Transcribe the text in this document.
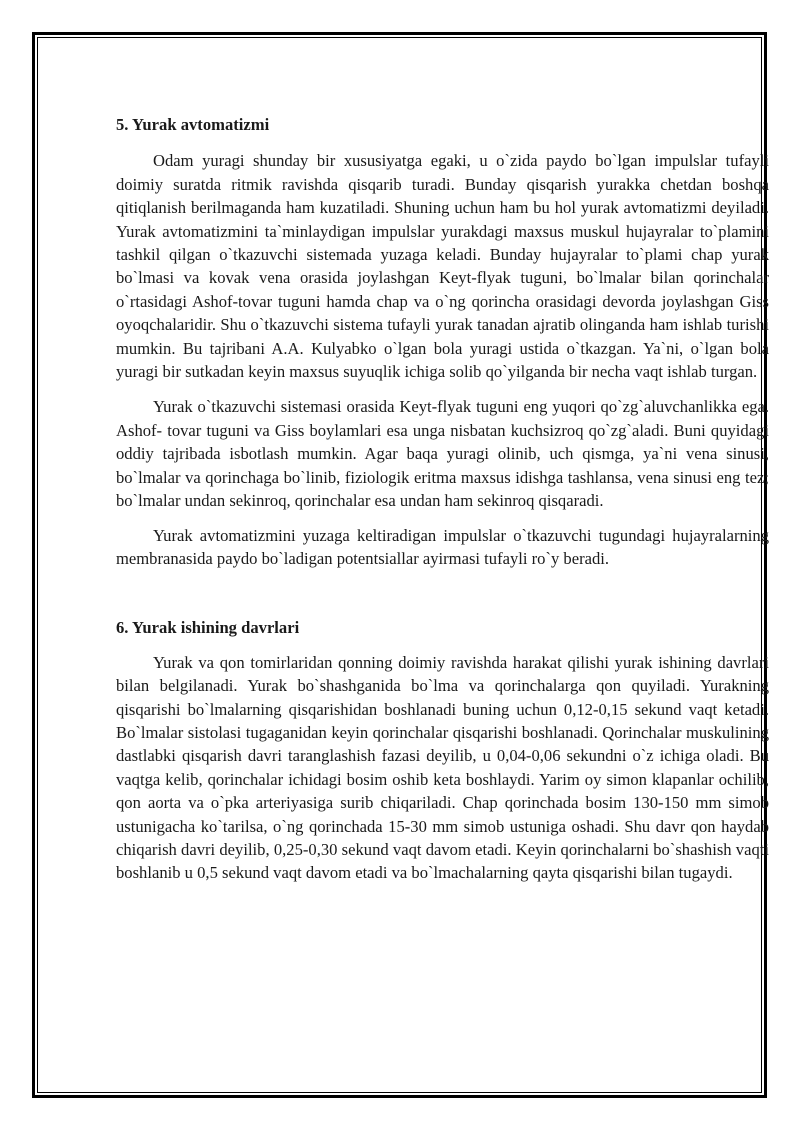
5. Yurak avtomatizmi

Odam yuragi shunday bir xususiyatga egaki, u o`zida paydo bo`lgan impulslar tufayli doimiy suratda ritmik ravishda qisqarib turadi. Bunday qisqarish yurakka chetdan boshqa qitiqlanish berilmaganda ham kuzatiladi. Shuning uchun ham bu hol yurak avtomatizmi deyiladi. Yurak avtomatizmini ta`minlaydigan impulslar yurakdagi maxsus muskul hujayralar to`plamini tashkil qilgan o`tkazuvchi sistemada yuzaga keladi. Bunday hujayralar to`plami chap yurak bo`lmasi va kovak vena orasida joylashgan Keyt-flyak tuguni, bo`lmalar bilan qorinchalar o`rtasidagi Ashof-tovar tuguni hamda chap va o`ng qorincha orasidagi devorda joylashgan Giss oyoqchalaridir. Shu o`tkazuvchi sistema tufayli yurak tanadan ajratib olinganda ham ishlab turishi mumkin. Bu tajribani A.A. Kulyabko o`lgan bola yuragi ustida o`tkazgan. Ya`ni, o`lgan bola yuragi bir sutkadan keyin maxsus suyuqlik ichiga solib qo`yilganda bir necha vaqt ishlab turgan.

Yurak o`tkazuvchi sistemasi orasida Keyt-flyak tuguni eng yuqori qo`zg`aluvchanlikka ega. Ashof- tovar tuguni va Giss boylamlari esa unga nisbatan kuchsizroq qo`zg`aladi. Buni quyidagi oddiy tajribada isbotlash mumkin. Agar baqa yuragi olinib, uch qismga, ya`ni vena sinusi, bo`lmalar va qorinchaga bo`linib, fiziologik eritma maxsus idishga tashlansa, vena sinusi eng tez; bo`lmalar undan sekinroq, qorinchalar esa undan ham sekinroq qisqaradi.

Yurak avtomatizmini yuzaga keltiradigan impulslar o`tkazuvchi tugundagi hujayralarning membranasida paydo bo`ladigan potentsiallar ayirmasi tufayli ro`y beradi.

6. Yurak ishining davrlari

Yurak va qon tomirlaridan qonning doimiy ravishda harakat qilishi yurak ishining davrlari bilan belgilanadi. Yurak bo`shashganida bo`lma va qorinchalarga qon quyiladi. Yurakning qisqarishi bo`lmalarning qisqarishidan boshlanadi buning uchun 0,12-0,15 sekund vaqt ketadi. Bo`lmalar sistolasi tugaganidan keyin qorinchalar qisqarishi boshlanadi. Qorinchalar muskulining dastlabki qisqarish davri taranglashish fazasi deyilib, u 0,04-0,06 sekundni o`z ichiga oladi. Bu vaqtga kelib, qorinchalar ichidagi bosim oshib keta boshlaydi. Yarim oy simon klapanlar ochilib, qon aorta va o`pka arteriyasiga surib chiqariladi. Chap qorinchada bosim 130-150 mm simob ustunigacha ko`tarilsa, o`ng qorinchada 15-30 mm simob ustuniga oshadi. Shu davr qon haydab chiqarish davri deyilib, 0,25-0,30 sekund vaqt davom etadi. Keyin qorinchalarni bo`shashish vaqti boshlanib u 0,5 sekund vaqt davom etadi va bo`lmachalarning qayta qisqarishi bilan tugaydi.
